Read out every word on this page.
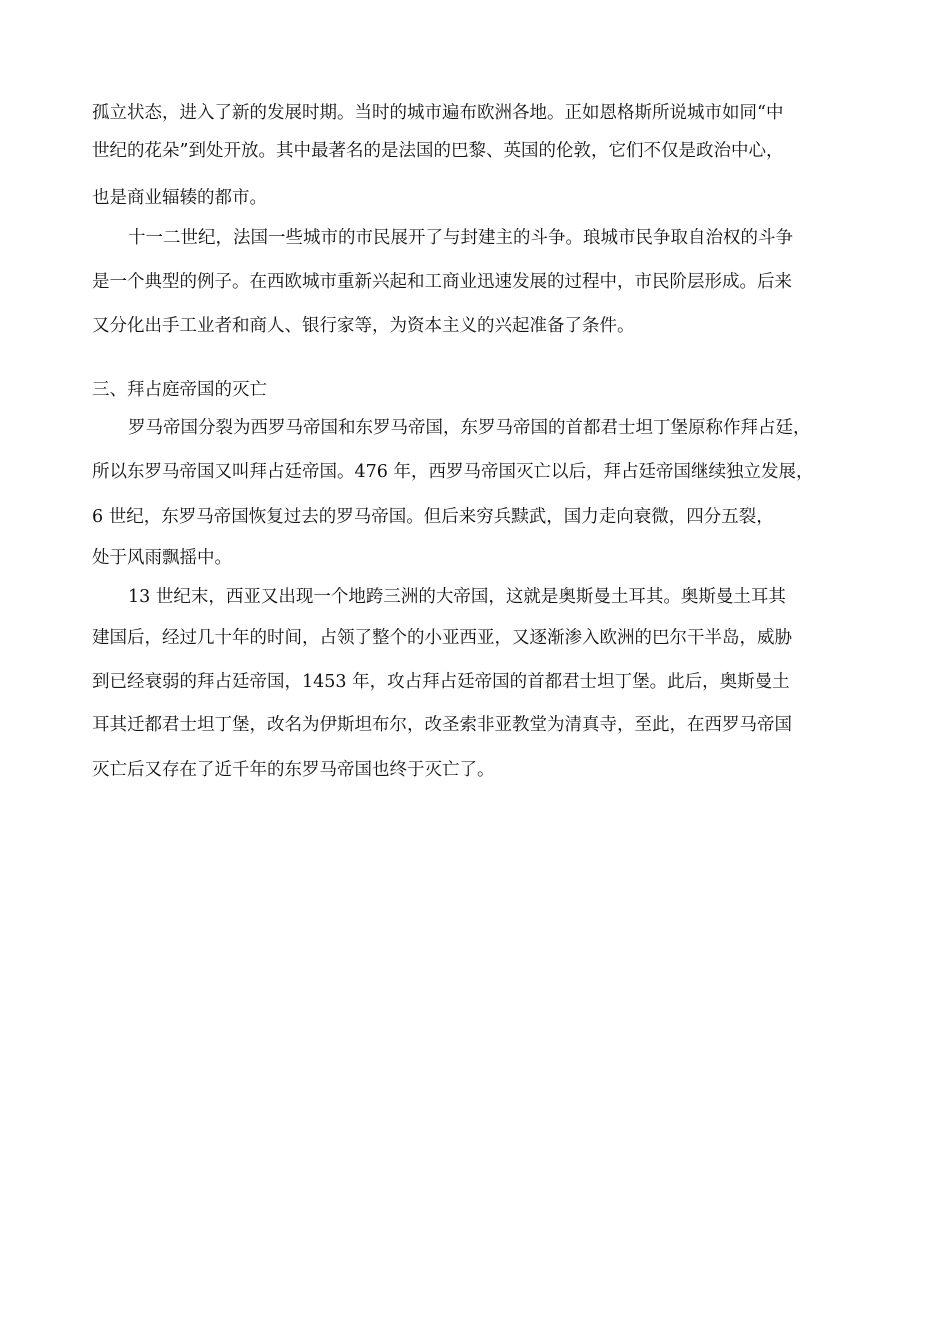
孤立状态，进入了新的发展时期。当时的城市遍布欧洲各地。正如恩格斯所说城市如同“中
世纪的花朵”到处开放。其中最著名的是法国的巴黎、英国的伦敦，它们不仅是政治中心，
也是商业辐辏的都市。
十一二世纪，法国一些城市的市民展开了与封建主的斗争。琅城市民争取自治权的斗争
是一个典型的例子。在西欧城市重新兴起和工商业迅速发展的过程中，市民阶层形成。后来
又分化出手工业者和商人、银行家等，为资本主义的兴起准备了条件。
三、拜占庭帝国的灭亡
罗马帝国分裂为西罗马帝国和东罗马帝国，东罗马帝国的首都君士坦丁堡原称作拜占廷，
所以东罗马帝国又叫拜占廷帝国。476 年，西罗马帝国灭亡以后，拜占廷帝国继续独立发展，
6 世纪，东罗马帝国恢复过去的罗马帝国。但后来穷兵黩武，国力走向衰微，四分五裂，
处于风雨飘摇中。
13 世纪末，西亚又出现一个地跨三洲的大帝国，这就是奥斯曼土耳其。奥斯曼土耳其
建国后，经过几十年的时间，占领了整个的小亚西亚，又逐渐渗入欧洲的巴尔干半岛，威胁
到已经衰弱的拜占廷帝国，1453 年，攻占拜占廷帝国的首都君士坦丁堡。此后，奥斯曼土
耳其迁都君士坦丁堡，改名为伊斯坦布尔，改圣索非亚教堂为清真寺，至此，在西罗马帝国
灭亡后又存在了近千年的东罗马帝国也终于灭亡了。
